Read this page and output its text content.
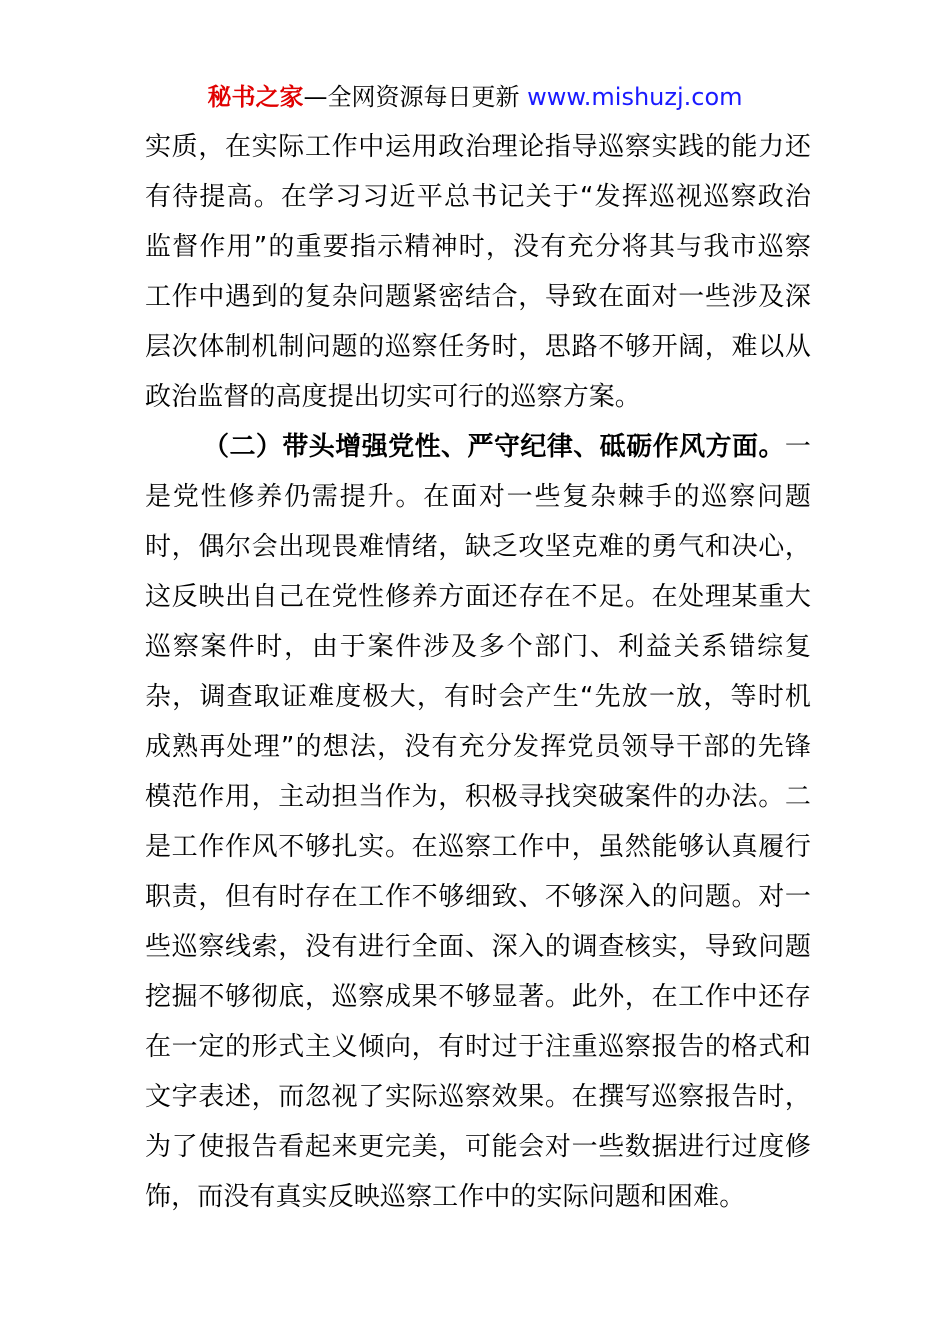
秘书之家—全网资源每日更新 www.mishuzj.com
实质，在实际工作中运用政治理论指导巡察实践的能力还
有待提高。在学习习近平总书记关于“发挥巡视巡察政治
监督作用”的重要指示精神时，没有充分将其与我市巡察
工作中遇到的复杂问题紧密结合，导致在面对一些涉及深
层次体制机制问题的巡察任务时，思路不够开阔，难以从
政治监督的高度提出切实可行的巡察方案。
（二）带头增强党性、严守纪律、砥砺作风方面。一
是党性修养仍需提升。在面对一些复杂棘手的巡察问题
时，偶尔会出现畏难情绪，缺乏攻坚克难的勇气和决心，
这反映出自己在党性修养方面还存在不足。在处理某重大
巡察案件时，由于案件涉及多个部门、利益关系错综复
杂，调查取证难度极大，有时会产生“先放一放，等时机
成熟再处理”的想法，没有充分发挥党员领导干部的先锋
模范作用，主动担当作为，积极寻找突破案件的办法。二
是工作作风不够扎实。在巡察工作中，虽然能够认真履行
职责，但有时存在工作不够细致、不够深入的问题。对一
些巡察线索，没有进行全面、深入的调查核实，导致问题
挖掘不够彻底，巡察成果不够显著。此外，在工作中还存
在一定的形式主义倾向，有时过于注重巡察报告的格式和
文字表述，而忽视了实际巡察效果。在撰写巡察报告时，
为了使报告看起来更完美，可能会对一些数据进行过度修
饰，而没有真实反映巡察工作中的实际问题和困难。
